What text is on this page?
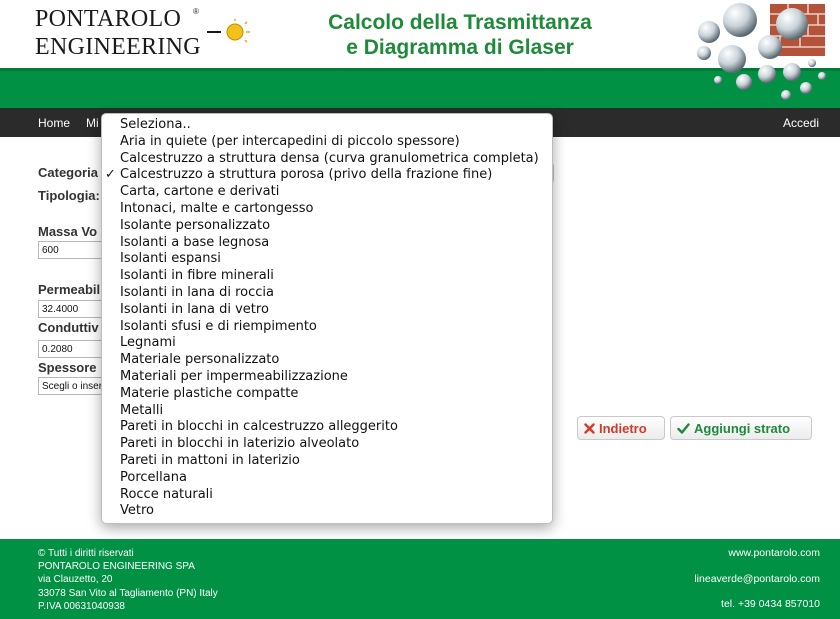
PONTAROLO
ENGINEERING
®	Calcolo della Trasmittanza
e Diagramma di Glaser
Home Mi	Accedi
Categoria
Tipologia:
Massa Vo
600
Permeabil
32.4000
Conduttiv
0.2080
Spessore
Scegli o inser
Indietro	Aggiungi strato
Seleziona..
Aria in quiete (per intercapedini di piccolo spessore)
Calcestruzzo a struttura densa (curva granulometrica completa)
✓ Calcestruzzo a struttura porosa (privo della frazione fine)
Carta, cartone e derivati
Intonaci, malte e cartongesso
Isolante personalizzato
Isolanti a base legnosa
Isolanti espansi
Isolanti in fibre minerali
Isolanti in lana di roccia
Isolanti in lana di vetro
Isolanti sfusi e di riempimento
Legnami
Materiale personalizzato
Materiali per impermeabilizzazione
Materie plastiche compatte
Metalli
Pareti in blocchi in calcestruzzo alleggerito
Pareti in blocchi in laterizio alveolato
Pareti in mattoni in laterizio
Porcellana
Rocce naturali
Vetro
© Tutti i diritti riservati
PONTAROLO ENGINEERING SPA
via Clauzetto, 20
33078 San Vito al Tagliamento (PN) Italy
P.IVA 00631040938
www.pontarolo.com
lineaverde@pontarolo.com
tel. +39 0434 857010
